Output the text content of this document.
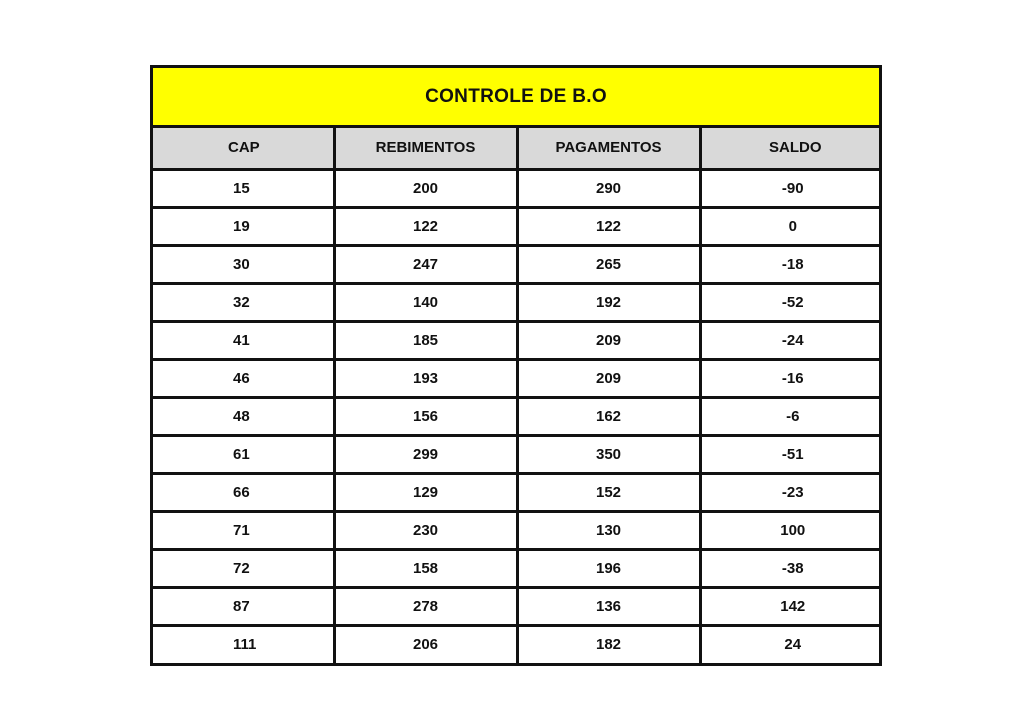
CONTROLE DE B.O
CAP	REBIMENTOS	PAGAMENTOS	SALDO
15	200	290	-90
19	122	122	0
30	247	265	-18
32	140	192	-52
41	185	209	-24
46	193	209	-16
48	156	162	-6
61	299	350	-51
66	129	152	-23
71	230	130	100
72	158	196	-38
87	278	136	142
111	206	182	24
